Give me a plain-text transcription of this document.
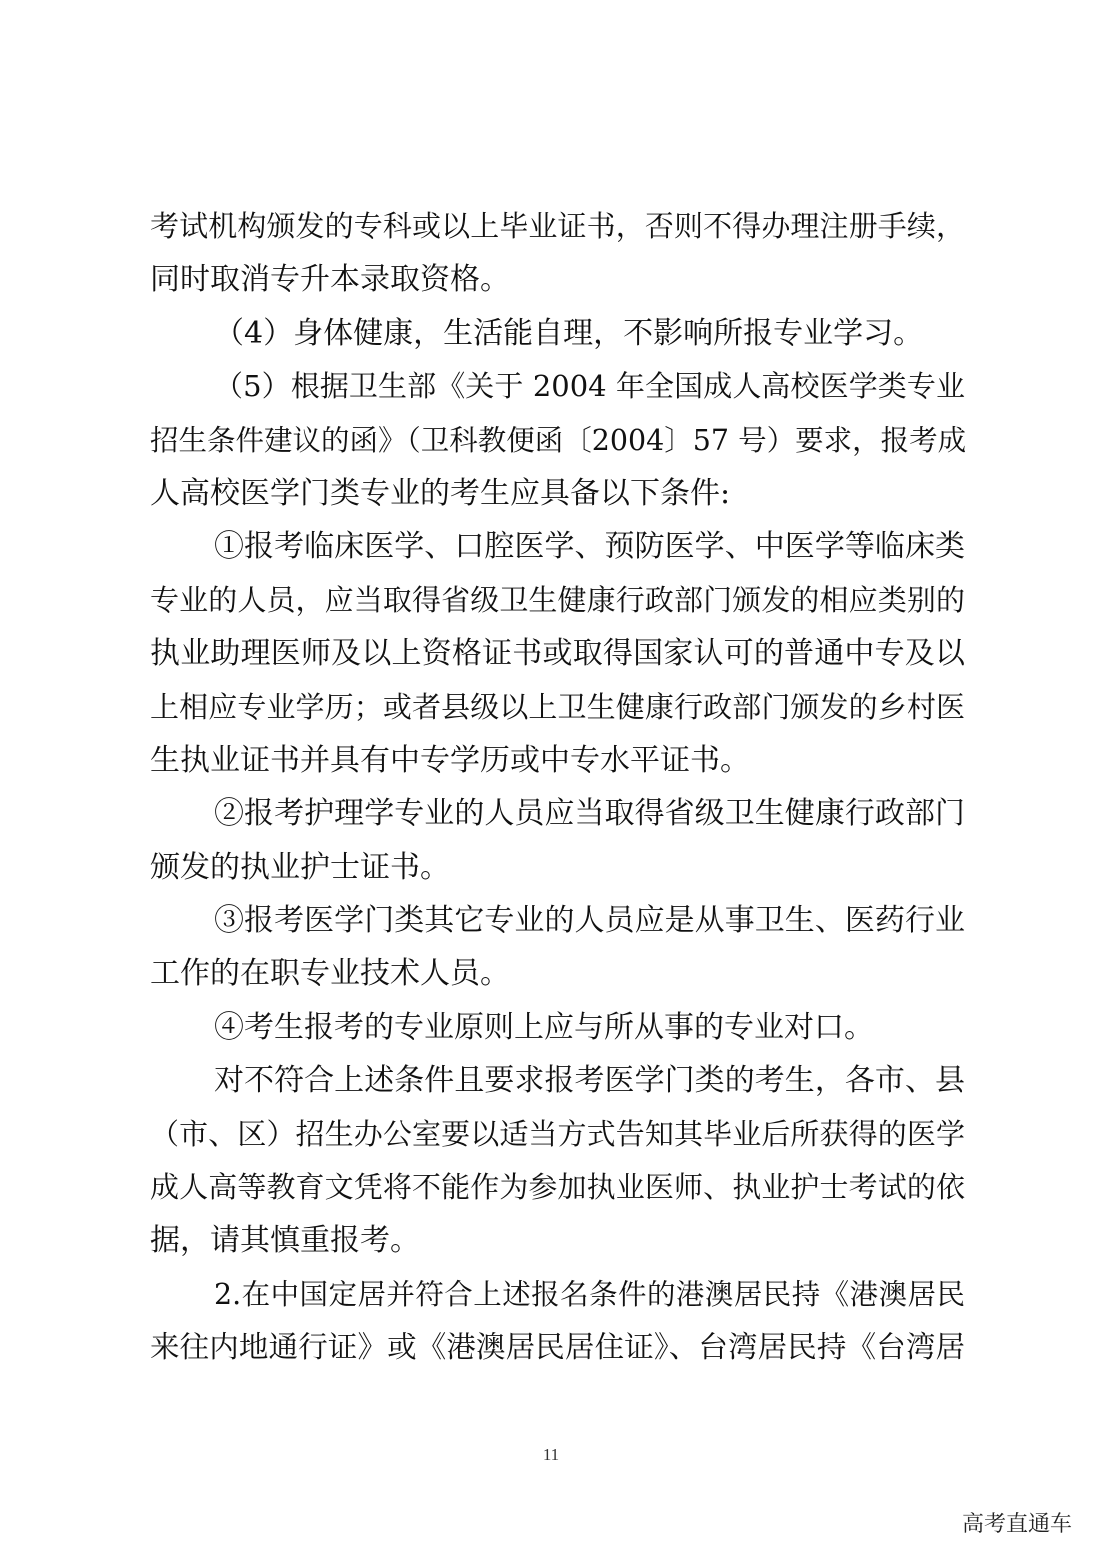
考试机构颁发的专科或以上毕业证书，否则不得办理注册手续，
同时取消专升本录取资格。
（4）身体健康，生活能自理，不影响所报专业学习。
（5）根据卫生部《关于 2004 年全国成人高校医学类专业
招生条件建议的函》（卫科教便函〔2004〕57 号）要求，报考成
人高校医学门类专业的考生应具备以下条件:
①报考临床医学、口腔医学、预防医学、中医学等临床类
专业的人员，应当取得省级卫生健康行政部门颁发的相应类别的
执业助理医师及以上资格证书或取得国家认可的普通中专及以
上相应专业学历；或者县级以上卫生健康行政部门颁发的乡村医
生执业证书并具有中专学历或中专水平证书。
②报考护理学专业的人员应当取得省级卫生健康行政部门
颁发的执业护士证书。
③报考医学门类其它专业的人员应是从事卫生、医药行业
工作的在职专业技术人员。
④考生报考的专业原则上应与所从事的专业对口。
对不符合上述条件且要求报考医学门类的考生，各市、县
（市、区）招生办公室要以适当方式告知其毕业后所获得的医学
成人高等教育文凭将不能作为参加执业医师、执业护士考试的依
据，请其慎重报考。
2.在中国定居并符合上述报名条件的港澳居民持《港澳居民
来往内地通行证》或《港澳居民居住证》、台湾居民持《台湾居
11
高考直通车
